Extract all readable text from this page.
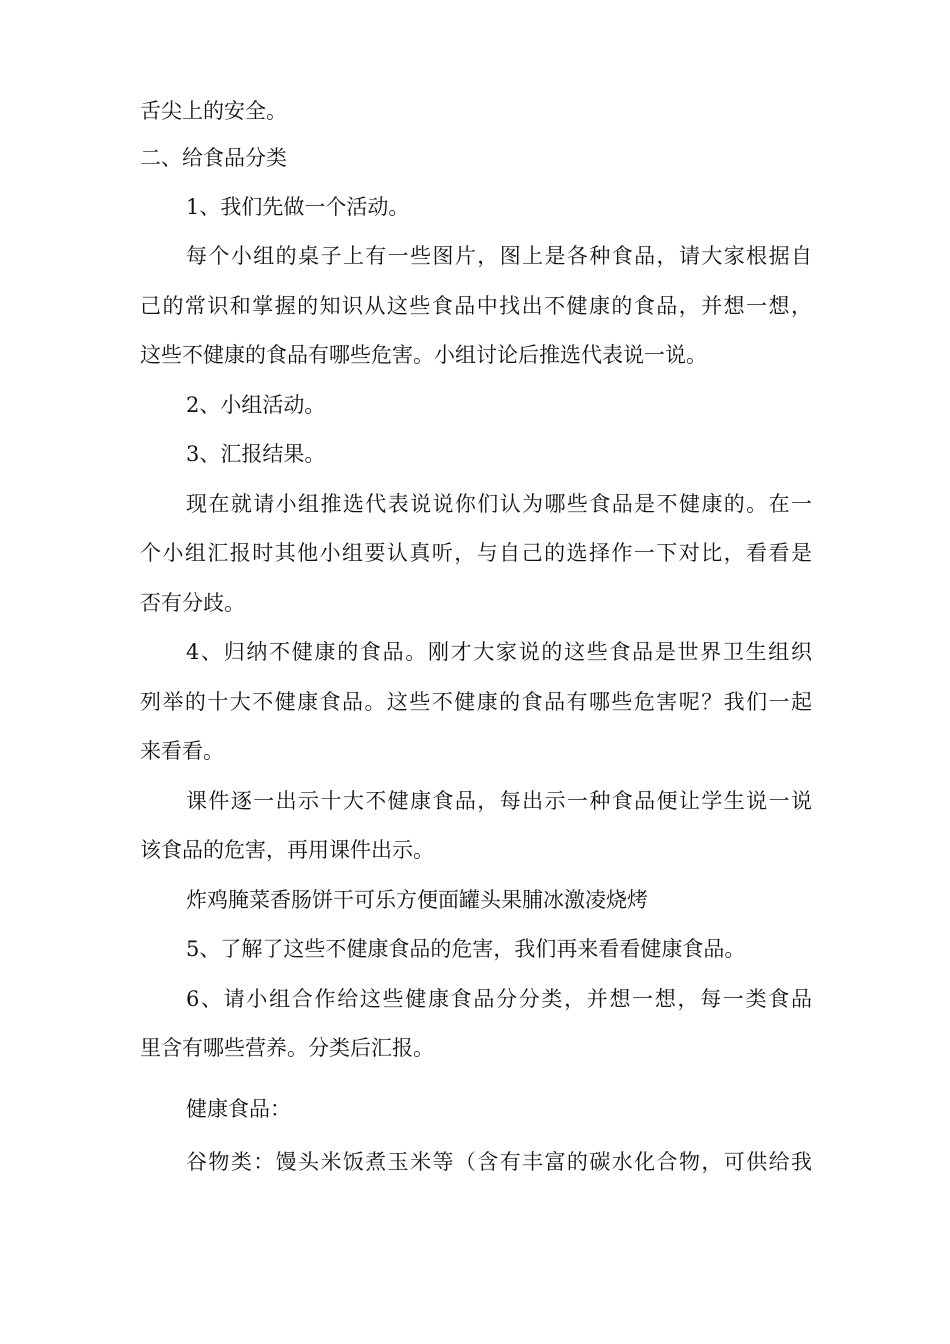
舌尖上的安全。
二、给食品分类
1、我们先做一个活动。
每个小组的桌子上有一些图片，图上是各种食品，请大家根据自
己的常识和掌握的知识从这些食品中找出不健康的食品，并想一想，
这些不健康的食品有哪些危害。小组讨论后推选代表说一说。
2、小组活动。
3、汇报结果。
现在就请小组推选代表说说你们认为哪些食品是不健康的。在一
个小组汇报时其他小组要认真听，与自己的选择作一下对比，看看是
否有分歧。
4、归纳不健康的食品。刚才大家说的这些食品是世界卫生组织
列举的十大不健康食品。这些不健康的食品有哪些危害呢？我们一起
来看看。
课件逐一出示十大不健康食品，每出示一种食品便让学生说一说
该食品的危害，再用课件出示。
炸鸡腌菜香肠饼干可乐方便面罐头果脯冰激凌烧烤
5、了解了这些不健康食品的危害，我们再来看看健康食品。
6、请小组合作给这些健康食品分分类，并想一想，每一类食品
里含有哪些营养。分类后汇报。
健康食品：
谷物类：馒头米饭煮玉米等（含有丰富的碳水化合物，可供给我
